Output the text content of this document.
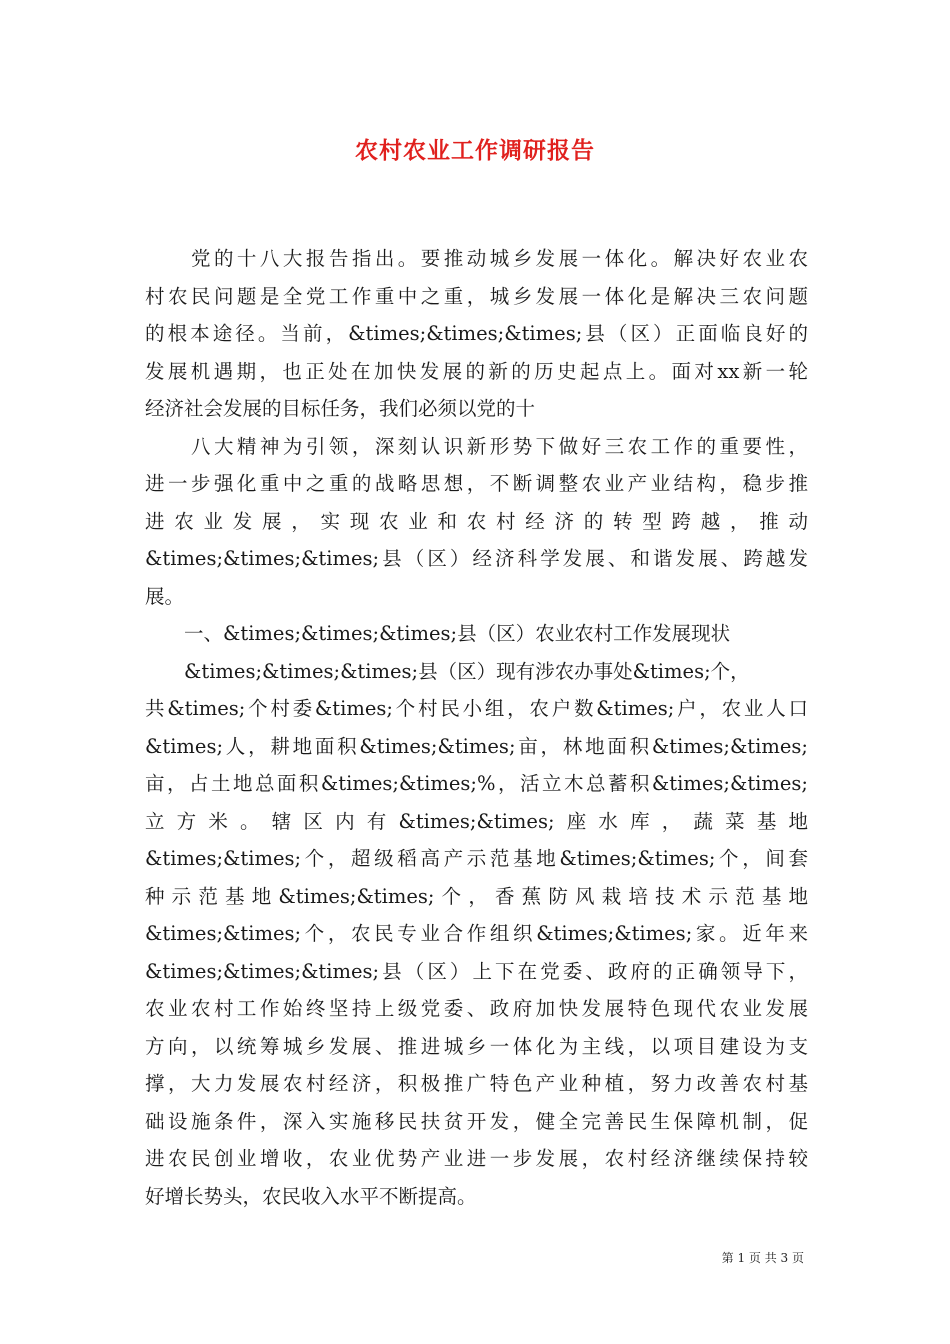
农村农业工作调研报告
　　党的十八大报告指出。要推动城乡发展一体化。解决好农业农
村农民问题是全党工作重中之重，城乡发展一体化是解决三农问题
的根本途径。当前，&times;&times;&times;县（区）正面临良好的
发展机遇期，也正处在加快发展的新的历史起点上。面对xx新一轮
经济社会发展的目标任务，我们必须以党的十
　　八大精神为引领，深刻认识新形势下做好三农工作的重要性，
进一步强化重中之重的战略思想，不断调整农业产业结构，稳步推
进农业发展，实现农业和农村经济的转型跨越，推动
&times;&times;&times;县（区）经济科学发展、和谐发展、跨越发
展。
　　一、&times;&times;&times;县（区）农业农村工作发展现状
　　&times;&times;&times;县（区）现有涉农办事处&times;个，
共&times;个村委&times;个村民小组，农户数&times;户，农业人口
&times;人，耕地面积&times;&times;亩，林地面积&times;&times;
亩，占土地总面积&times;&times;%，活立木总蓄积&times;&times;
立方米。辖区内有&times;&times;座水库，蔬菜基地
&times;&times;个，超级稻高产示范基地&times;&times;个，间套
种示范基地&times;&times;个，香蕉防风栽培技术示范基地
&times;&times;个，农民专业合作组织&times;&times;家。近年来
&times;&times;&times;县（区）上下在党委、政府的正确领导下，
农业农村工作始终坚持上级党委、政府加快发展特色现代农业发展
方向，以统筹城乡发展、推进城乡一体化为主线，以项目建设为支
撑，大力发展农村经济，积极推广特色产业种植，努力改善农村基
础设施条件，深入实施移民扶贫开发，健全完善民生保障机制，促
进农民创业增收，农业优势产业进一步发展，农村经济继续保持较
好增长势头，农民收入水平不断提高。
第 1 页 共 3 页
